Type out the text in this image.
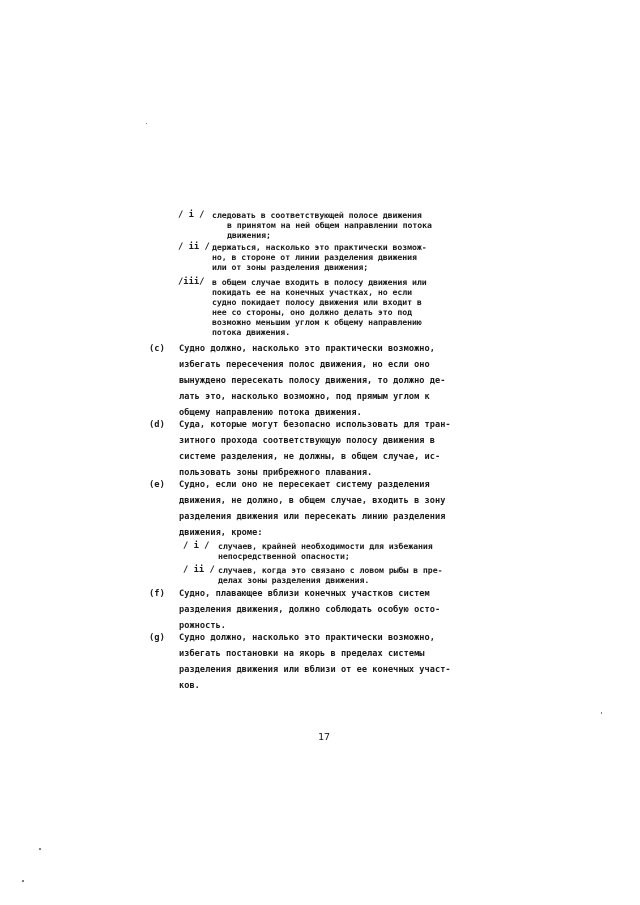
/ i / следовать в соответствующей полосе движения
в принятом на ней общем направлении потока
движения;
/ ii / держаться, насколько это практически возмож-
но, в стороне от линии разделения движения
или от зоны разделения движения;
/iii/ в общем случае входить в полосу движения или
покидать ее на конечных участках, но если
судно покидает полосу движения или входит в
нее со стороны, оно должно делать это под
возможно меньшим углом к общему направлению
потока движения.
(c) Судно должно, насколько это практически возможно,
избегать пересечения полос движения, но если оно
вынуждено пересекать полосу движения, то должно де-
лать это, насколько возможно, под прямым углом к
общему направлению потока движения.
(d) Суда, которые могут безопасно использовать для тран-
зитного прохода соответствующую полосу движения в
системе разделения, не должны, в общем случае, ис-
пользовать зоны прибрежного плавания.
(e) Судно, если оно не пересекает систему разделения
движения, не должно, в общем случае, входить в зону
разделения движения или пересекать линию разделения
движения, кроме:
/ i / случаев, крайней необходимости для избежания
непосредственной опасности;
/ ii / случаев, когда это связано с ловом рыбы в пре-
делах зоны разделения движения.
(f) Судно, плавающее вблизи конечных участков систем
разделения движения, должно соблюдать особую осто-
рожность.
(g) Судно должно, насколько это практически возможно,
избегать постановки на якорь в пределах системы
разделения движения или вблизи от ее конечных участ-
ков.
17
